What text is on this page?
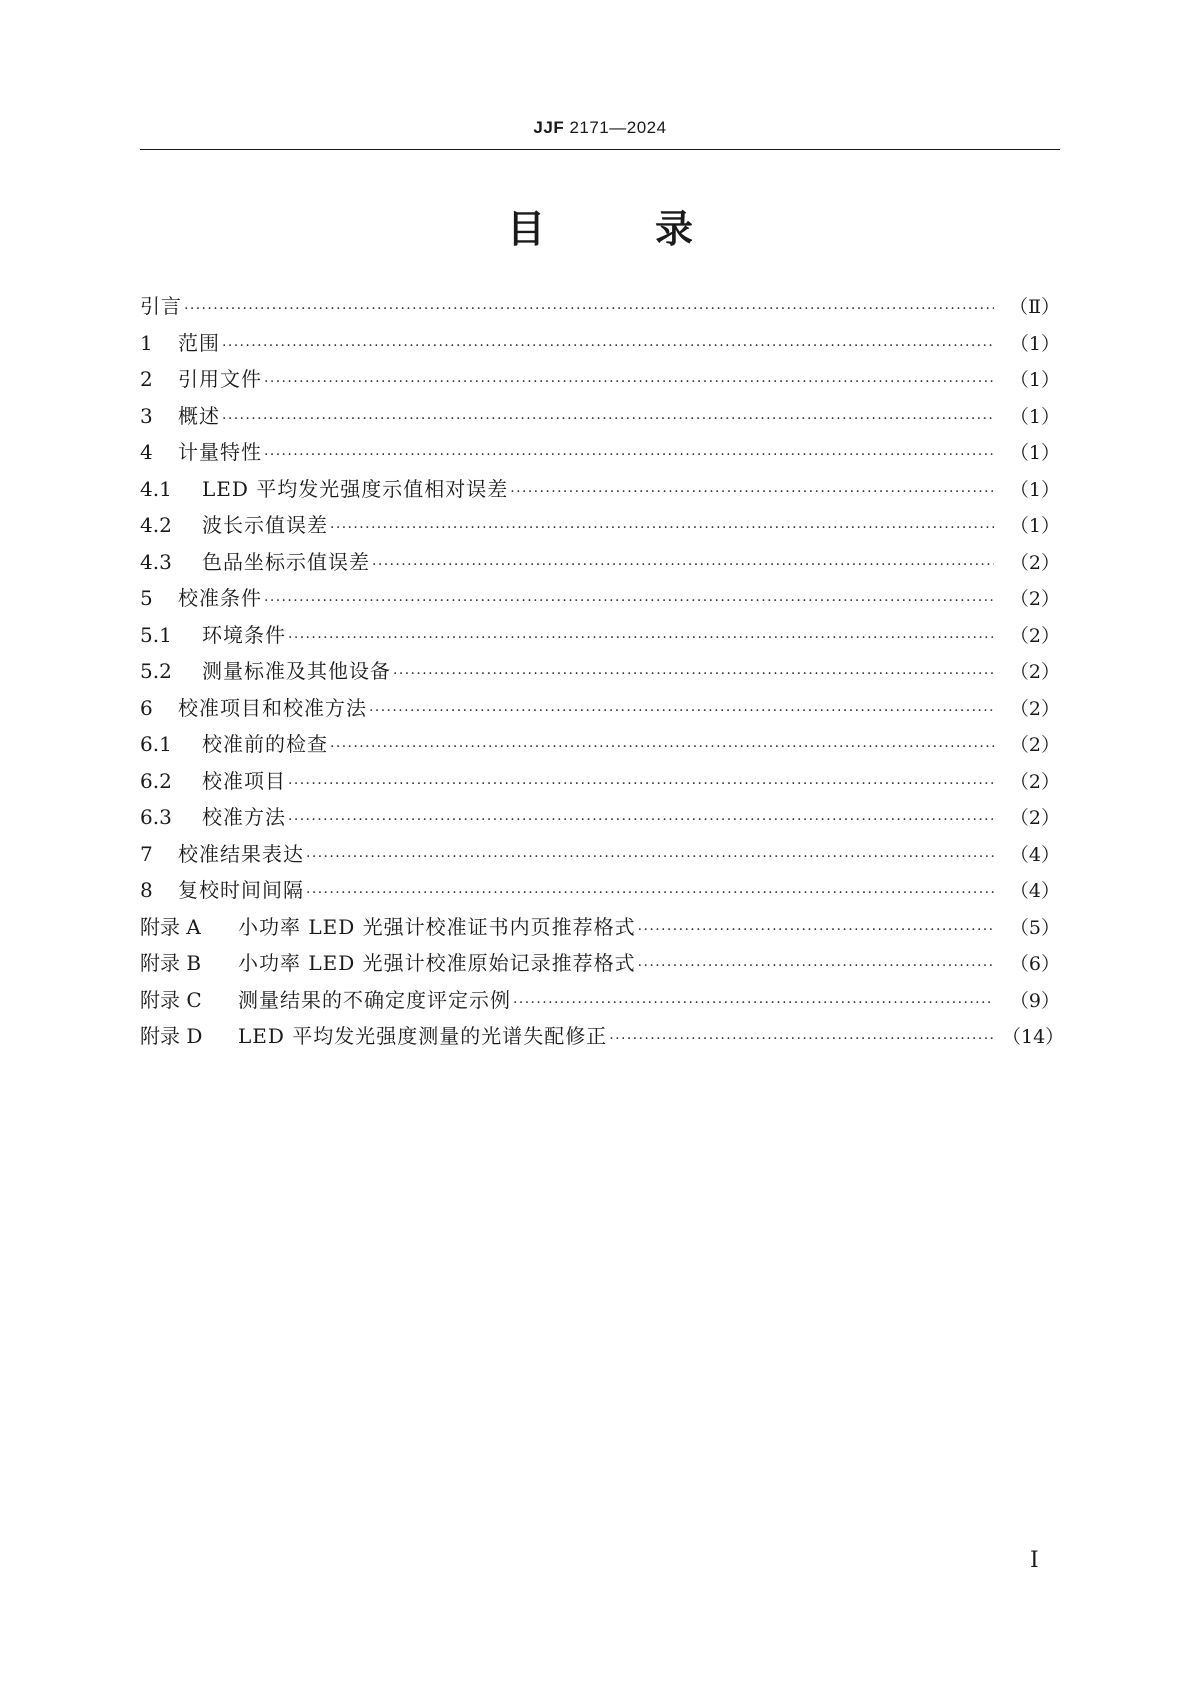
JJF 2171—2024
目	录
引言 ·····	（Ⅱ）
1	范围 ·····	（1）
2	引用文件 ·····	（1）
3	概述 ·····	（1）
4	计量特性 ·····	（1）
4.1	LED 平均发光强度示值相对误差 ·····	（1）
4.2	波长示值误差 ·····	（1）
4.3	色品坐标示值误差 ·····	（2）
5	校准条件 ·····	（2）
5.1	环境条件 ·····	（2）
5.2	测量标准及其他设备 ·····	（2）
6	校准项目和校准方法 ·····	（2）
6.1	校准前的检查 ·····	（2）
6.2	校准项目 ·····	（2）
6.3	校准方法 ·····	（2）
7	校准结果表达 ·····	（4）
8	复校时间间隔 ·····	（4）
附录 A	小功率 LED 光强计校准证书内页推荐格式 ·····	（5）
附录 B	小功率 LED 光强计校准原始记录推荐格式 ·····	（6）
附录 C	测量结果的不确定度评定示例 ·····	（9）
附录 D	LED 平均发光强度测量的光谱失配修正 ·····	（14）
Ⅰ
